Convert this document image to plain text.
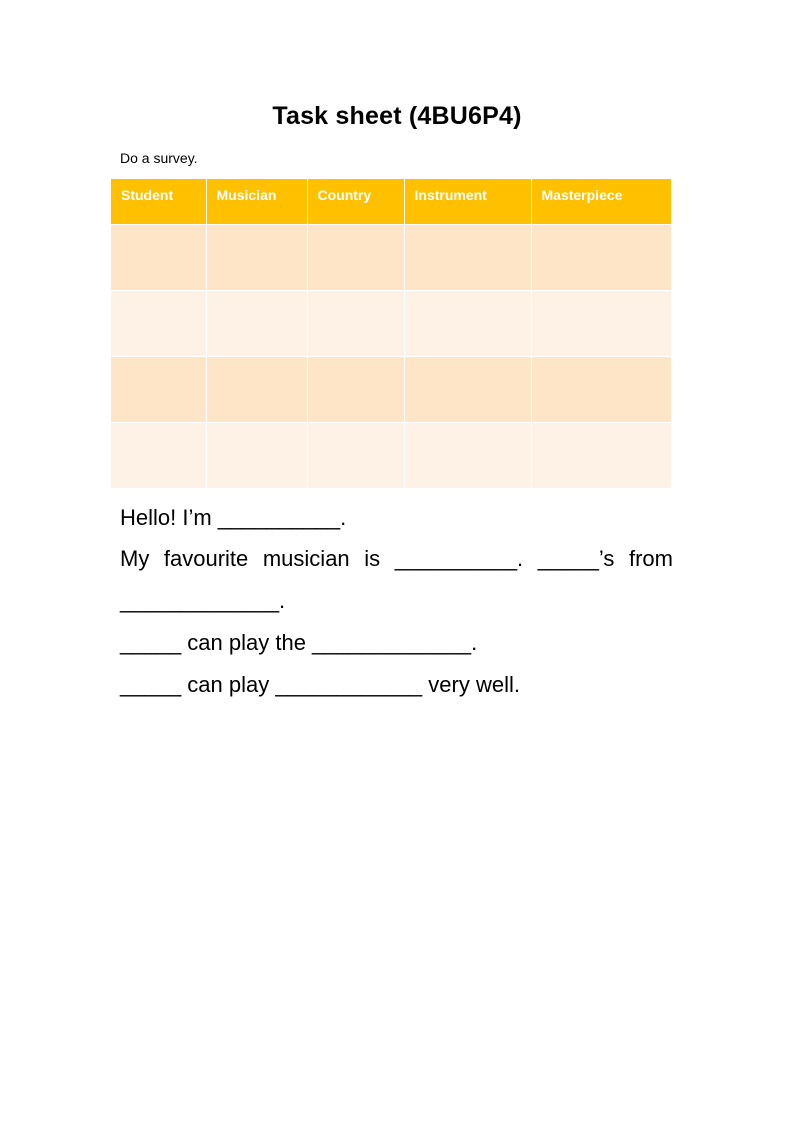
Task sheet (4BU6P4)
Do a survey.
Student	Musician	Country	Instrument	Masterpiece

Hello! I’m __________.

My favourite musician is __________. _____’s from _____________.

_____ can play the _____________.

_____ can play ____________ very well.
